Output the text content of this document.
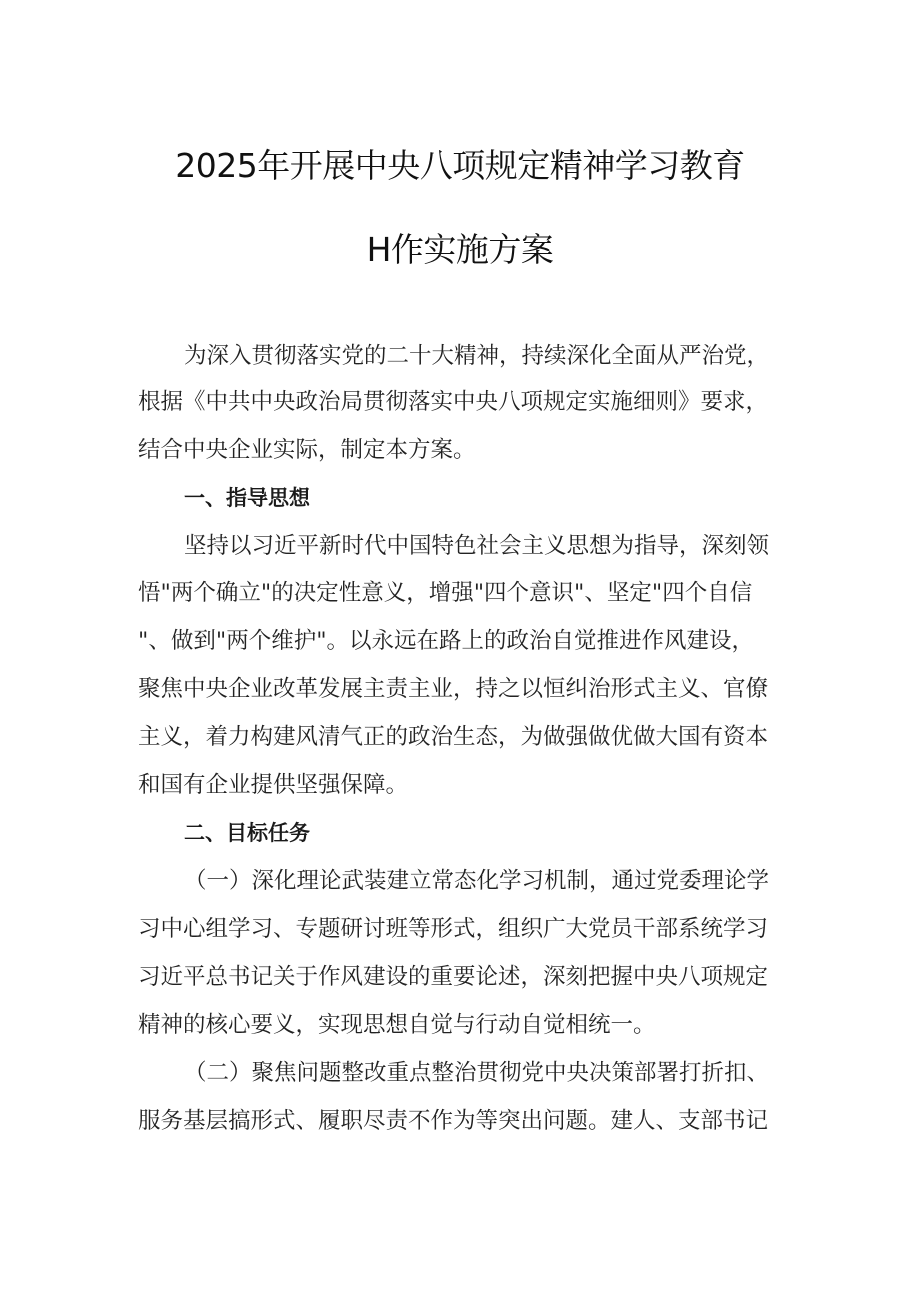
2025年开展中央八项规定精神学习教育
H作实施方案
为深入贯彻落实党的二十大精神，持续深化全面从严治党，
根据《中共中央政治局贯彻落实中央八项规定实施细则》要求，
结合中央企业实际，制定本方案。
一、指导思想
坚持以习近平新时代中国特色社会主义思想为指导，深刻领
悟"两个确立"的决定性意义，增强"四个意识"、坚定"四个自信
"、做到"两个维护"。以永远在路上的政治自觉推进作风建设，
聚焦中央企业改革发展主责主业，持之以恒纠治形式主义、官僚
主义，着力构建风清气正的政治生态，为做强做优做大国有资本
和国有企业提供坚强保障。
二、目标任务
（一）深化理论武装建立常态化学习机制，通过党委理论学
习中心组学习、专题研讨班等形式，组织广大党员干部系统学习
习近平总书记关于作风建设的重要论述，深刻把握中央八项规定
精神的核心要义，实现思想自觉与行动自觉相统一。
（二）聚焦问题整改重点整治贯彻党中央决策部署打折扣、
服务基层搞形式、履职尽责不作为等突出问题。建人、支部书记
